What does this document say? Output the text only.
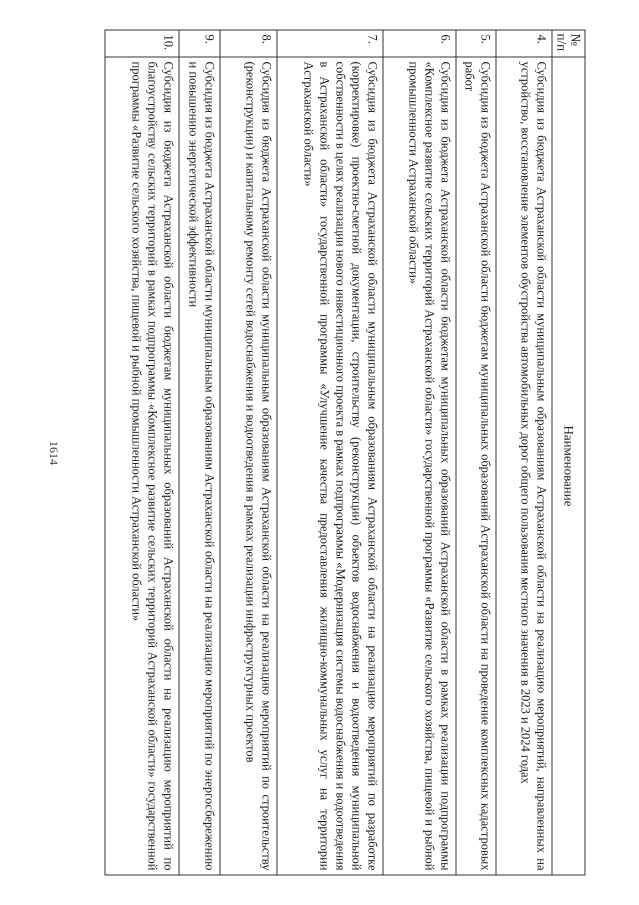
1614
№ п/п	Наименование
4.	Субсидия из бюджета Астраханской области муниципальным образованиям Астраханской области на реализацию мероприятий, направленных на устройство, восстановление элементов обустройства автомобильных дорог общего пользования местного значения в 2023 и 2024 годах
5.	Субсидия из бюджета Астраханской области бюджетам муниципальных образований Астраханской области на проведение комплексных кадастровых работ
6.	Субсидия из бюджета Астраханской области бюджетам муниципальных образований Астраханской области в рамках реализации подпрограммы «Комплексное развитие сельских территорий Астраханской области» государственной программы «Развитие сельского хозяйства, пищевой и рыбной промышленности Астраханской области»
7.	Субсидия из бюджета Астраханской области муниципальным образованиям Астраханской области на реализацию мероприятий по разработке (корректировке) проектно-сметной документации, строительству (реконструкции) объектов водоснабжения и водоотведения муниципальной собственности в целях реализации нового инвестиционного проекта в рамках подпрограммы «Модернизация системы водоснабжения и водоотведения в Астраханской области» государственной программы «Улучшение качества предоставления жилищно-коммунальных услуг на территории Астраханской области»
8.	Субсидия из бюджета Астраханской области муниципальным образованиям Астраханской области на реализацию мероприятий по строительству (реконструкции) и капитальному ремонту сетей водоснабжения и водоотведения в рамках реализации инфраструктурных проектов
9.	Субсидия из бюджета Астраханской области муниципальным образованиям Астраханской области на реализацию мероприятий по энергосбережению и повышению энергетической эффективности
10.	Субсидия из бюджета Астраханской области бюджетам муниципальных образований Астраханской области на реализацию мероприятий по благоустройству сельских территорий в рамках подпрограммы «Комплексное развитие сельских территорий Астраханской области» государственной программы «Развитие сельского хозяйства, пищевой и рыбной промышленности Астраханской области»
